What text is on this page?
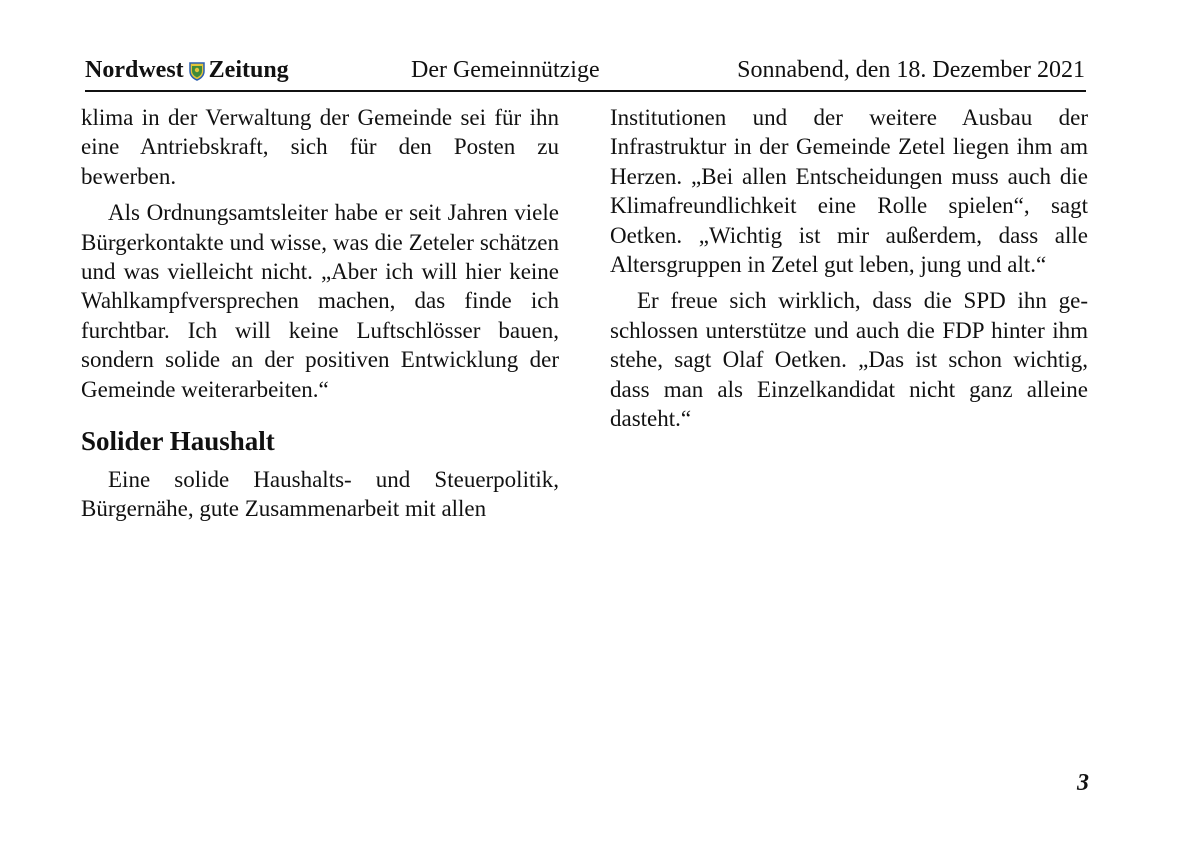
Nordwest Zeitung	Der Gemeinnützige	Sonnabend, den 18. Dezember 2021

klima in der Verwaltung der Gemeinde sei für ihn eine Antriebskraft, sich für den Posten zu bewerben.

Als Ordnungsamtsleiter habe er seit Jahren viele Bürgerkontakte und wisse, was die Zeteler schätzen und was vielleicht nicht. „Aber ich will hier keine Wahlkampfversprechen machen, das finde ich furchtbar. Ich will keine Luftschlösser bauen, sondern solide an der positiven Entwicklung der Gemeinde weiterarbeiten.“

Solider Haushalt

Eine solide Haushalts- und Steuerpolitik, Bürgernähe, gute Zusammenarbeit mit allen

Institutionen und der weitere Ausbau der Infrastruktur in der Gemeinde Zetel liegen ihm am Herzen. „Bei allen Entscheidungen muss auch die Klimafreundlichkeit eine Rolle spielen“, sagt Oetken. „Wichtig ist mir außerdem, dass alle Altersgruppen in Zetel gut leben, jung und alt.“

Er freue sich wirklich, dass die SPD ihn geschlossen unterstütze und auch die FDP hinter ihm stehe, sagt Olaf Oetken. „Das ist schon wichtig, dass man als Einzelkandidat nicht ganz alleine dasteht.“

3
